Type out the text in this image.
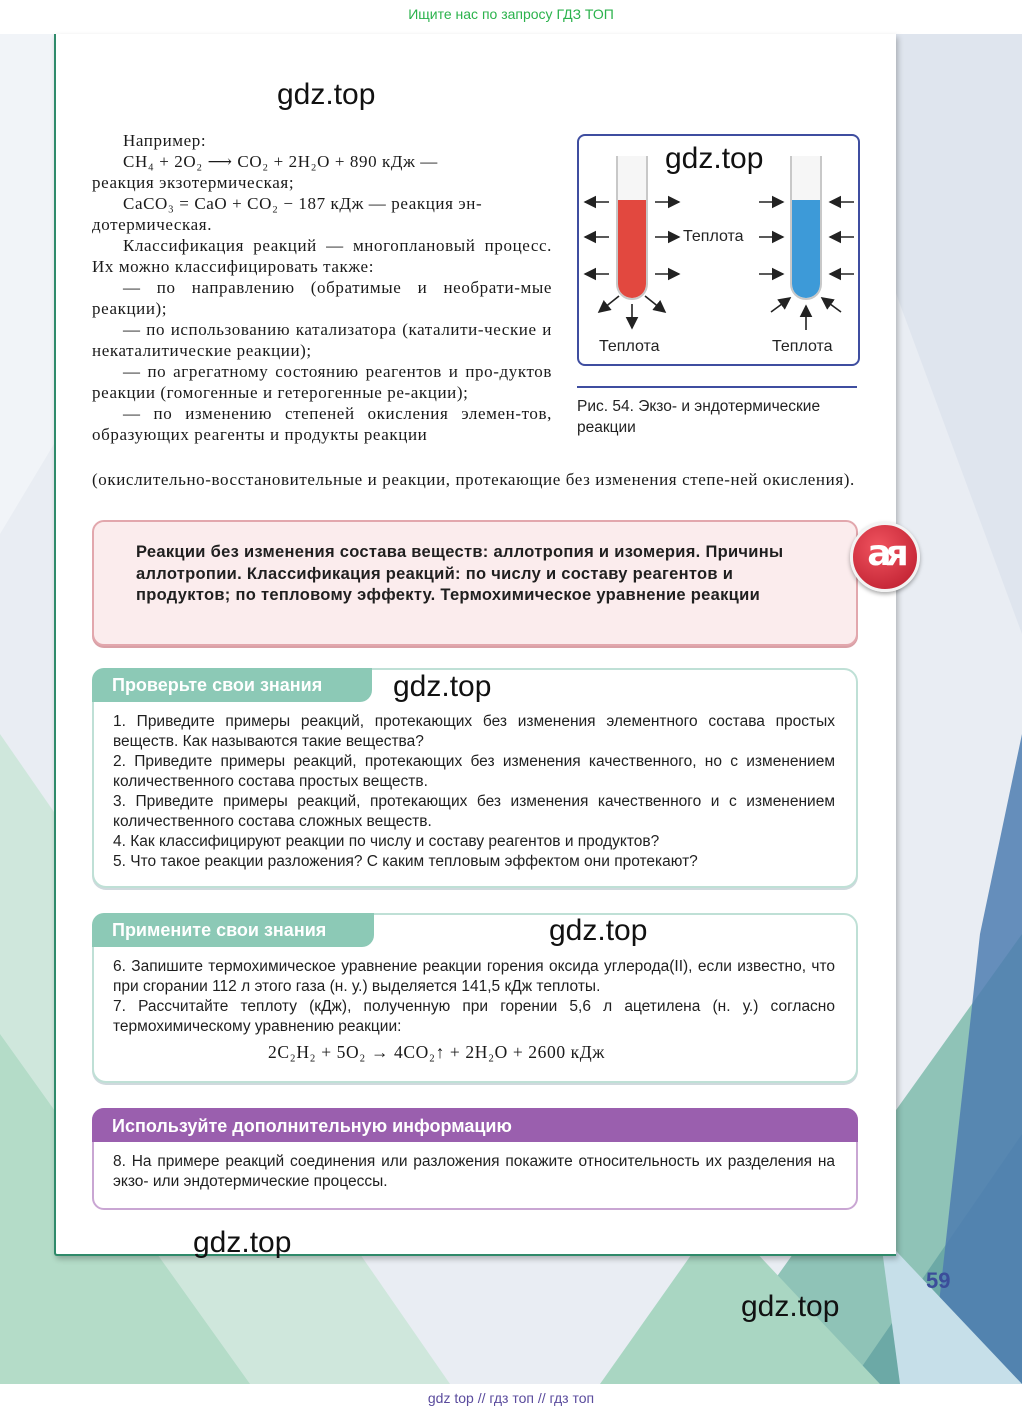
Ищите нас по запросу ГДЗ ТОП

Например:

CH₄ + 2O₂ ⟶ CO₂ + 2H₂O + 890 кДж —

реакция экзотермическая;

CaCO₃ = CaO + CO₂ − 187 кДж — реакция эн-

дотермическая.

Классификация реакций — многоплановый процесс. Их можно классифицировать также:

— по направлению (обратимые и необрати-мые реакции);

— по использованию катализатора (каталити-ческие и некаталитические реакции);

— по агрегатному состоянию реагентов и про-дуктов реакции (гомогенные и гетерогенные ре-акции);

— по изменению степеней окисления элемен-тов, образующих реагенты и продукты реакции

(окислительно-восстановительные и реакции, протекающие без изменения степе-ней окисления).

Теплота
Теплота	Теплота
Рис. 54. Экзо- и эндотермические реакции
Реакции без изменения состава веществ: аллотропия и изомерия. Причины аллотропии. Классификация реакций: по числу и составу реагентов и продуктов; по тепловому эффекту. Термохимическое уравнение реакции
ая
Проверьте свои знания

1. Приведите примеры реакций, протекающих без изменения элементного состава простых веществ. Как называются такие вещества?

2. Приведите примеры реакций, протекающих без изменения качественного, но с изменением количественного состава простых веществ.

3. Приведите примеры реакций, протекающих без изменения качественного и с изменением количественного состава сложных веществ.

4. Как классифицируют реакции по числу и составу реагентов и продуктов?

5. Что такое реакции разложения? С каким тепловым эффектом они протекают?

Примените свои знания

6. Запишите термохимическое уравнение реакции горения оксида углерода(II), если известно, что при сгорании 112 л этого газа (н. у.) выделяется 141,5 кДж теплоты.

7. Рассчитайте теплоту (кДж), полученную при горении 5,6 л ацетилена (н. у.) согласно термохимическому уравнению реакции:

2C₂H₂ + 5O₂ → 4CO₂↑ + 2H₂O + 2600 кДж
Используйте дополнительную информацию

8. На примере реакций соединения или разложения покажите относительность их разделения на экзо- или эндотермические процессы.

gdz.top
gdz.top
gdz.top
gdz.top
gdz.top
gdz.top
59
gdz top // гдз топ // гдз топ
